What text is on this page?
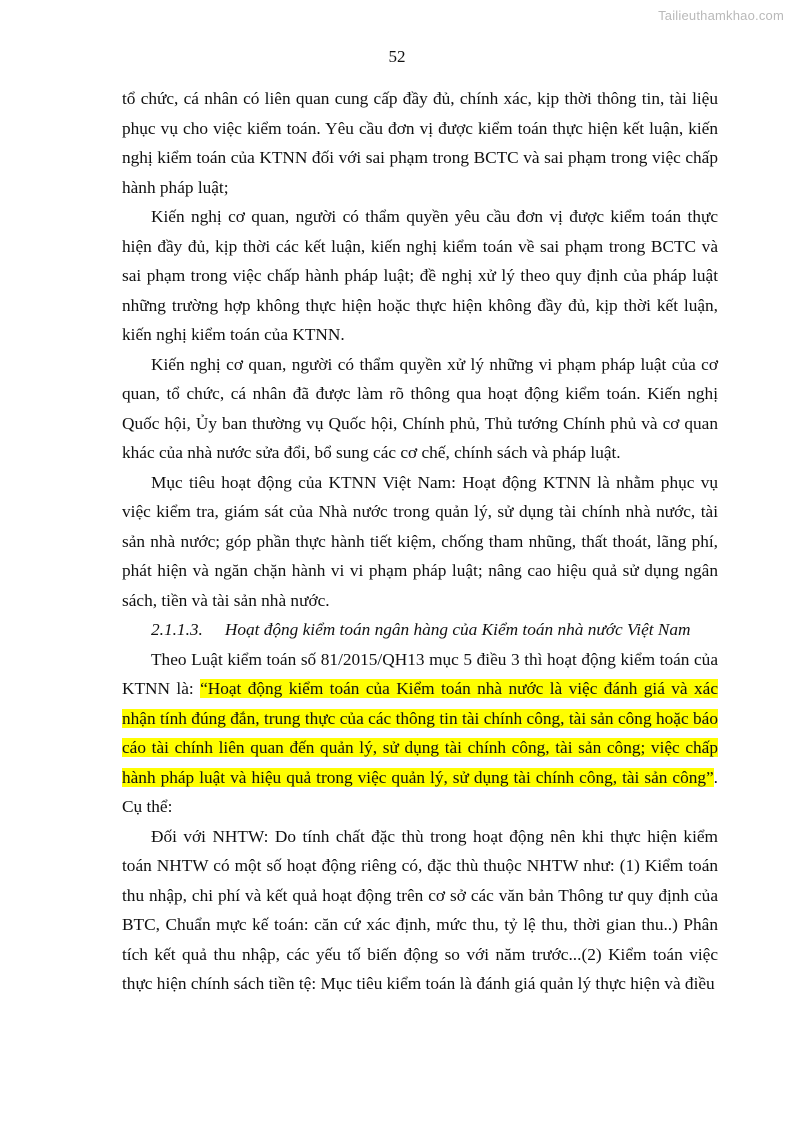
Tailieuthamkhao.com
52

tổ chức, cá nhân có liên quan cung cấp đầy đủ, chính xác, kịp thời thông tin, tài liệu phục vụ cho việc kiểm toán. Yêu cầu đơn vị được kiểm toán thực hiện kết luận, kiến nghị kiểm toán của KTNN đối với sai phạm trong BCTC và sai phạm trong việc chấp hành pháp luật;

Kiến nghị cơ quan, người có thẩm quyền yêu cầu đơn vị được kiểm toán thực hiện đầy đủ, kịp thời các kết luận, kiến nghị kiểm toán về sai phạm trong BCTC và sai phạm trong việc chấp hành pháp luật; đề nghị xử lý theo quy định của pháp luật những trường hợp không thực hiện hoặc thực hiện không đầy đủ, kịp thời kết luận, kiến nghị kiểm toán của KTNN.

Kiến nghị cơ quan, người có thẩm quyền xử lý những vi phạm pháp luật của cơ quan, tổ chức, cá nhân đã được làm rõ thông qua hoạt động kiểm toán. Kiến nghị Quốc hội, Ủy ban thường vụ Quốc hội, Chính phủ, Thủ tướng Chính phủ và cơ quan khác của nhà nước sửa đổi, bổ sung các cơ chế, chính sách và pháp luật.

Mục tiêu hoạt động của KTNN Việt Nam: Hoạt động KTNN là nhằm phục vụ việc kiểm tra, giám sát của Nhà nước trong quản lý, sử dụng tài chính nhà nước, tài sản nhà nước; góp phần thực hành tiết kiệm, chống tham nhũng, thất thoát, lãng phí, phát hiện và ngăn chặn hành vi vi phạm pháp luật; nâng cao hiệu quả sử dụng ngân sách, tiền và tài sản nhà nước.

2.1.1.3. Hoạt động kiểm toán ngân hàng của Kiểm toán nhà nước Việt Nam

Theo Luật kiểm toán số 81/2015/QH13 mục 5 điều 3 thì hoạt động kiểm toán của KTNN là: “Hoạt động kiểm toán của Kiểm toán nhà nước là việc đánh giá và xác nhận tính đúng đắn, trung thực của các thông tin tài chính công, tài sản công hoặc báo cáo tài chính liên quan đến quản lý, sử dụng tài chính công, tài sản công; việc chấp hành pháp luật và hiệu quả trong việc quản lý, sử dụng tài chính công, tài sản công”. Cụ thể:

Đối với NHTW: Do tính chất đặc thù trong hoạt động nên khi thực hiện kiểm toán NHTW có một số hoạt động riêng có, đặc thù thuộc NHTW như: (1) Kiểm toán thu nhập, chi phí và kết quả hoạt động trên cơ sở các văn bản Thông tư quy định của BTC, Chuẩn mực kế toán: căn cứ xác định, mức thu, tỷ lệ thu, thời gian thu..) Phân tích kết quả thu nhập, các yếu tố biến động so với năm trước...(2) Kiểm toán việc thực hiện chính sách tiền tệ: Mục tiêu kiểm toán là đánh giá quản lý thực hiện và điều
